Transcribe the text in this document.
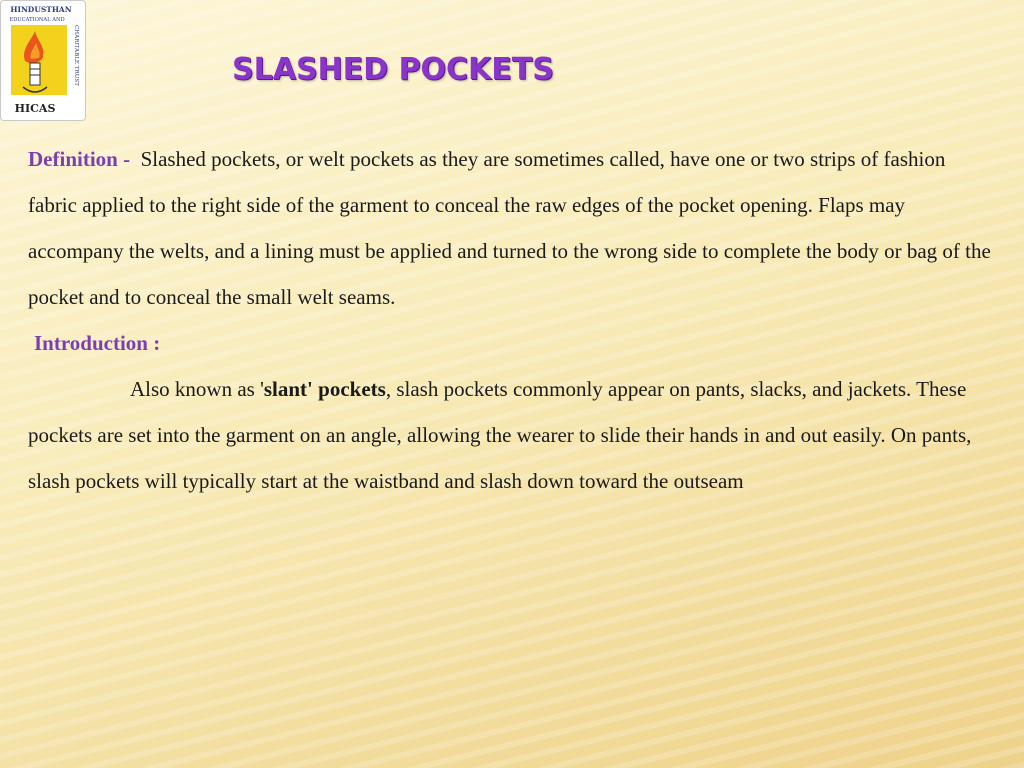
HINDUSTHAN
EDUCATIONAL AND
CHARITABLE TRUST
HICAS
SLASHED POCKETS

Definition - Slashed pockets, or welt pockets as they are sometimes called, have one or two strips of fashion fabric applied to the right side of the garment to conceal the raw edges of the pocket opening. Flaps may accompany the welts, and a lining must be applied and turned to the wrong side to complete the body or bag of the pocket and to conceal the small welt seams.

Introduction :

Also known as 'slant' pockets, slash pockets commonly appear on pants, slacks, and jackets. These pockets are set into the garment on an angle, allowing the wearer to slide their hands in and out easily. On pants, slash pockets will typically start at the waistband and slash down toward the outseam
